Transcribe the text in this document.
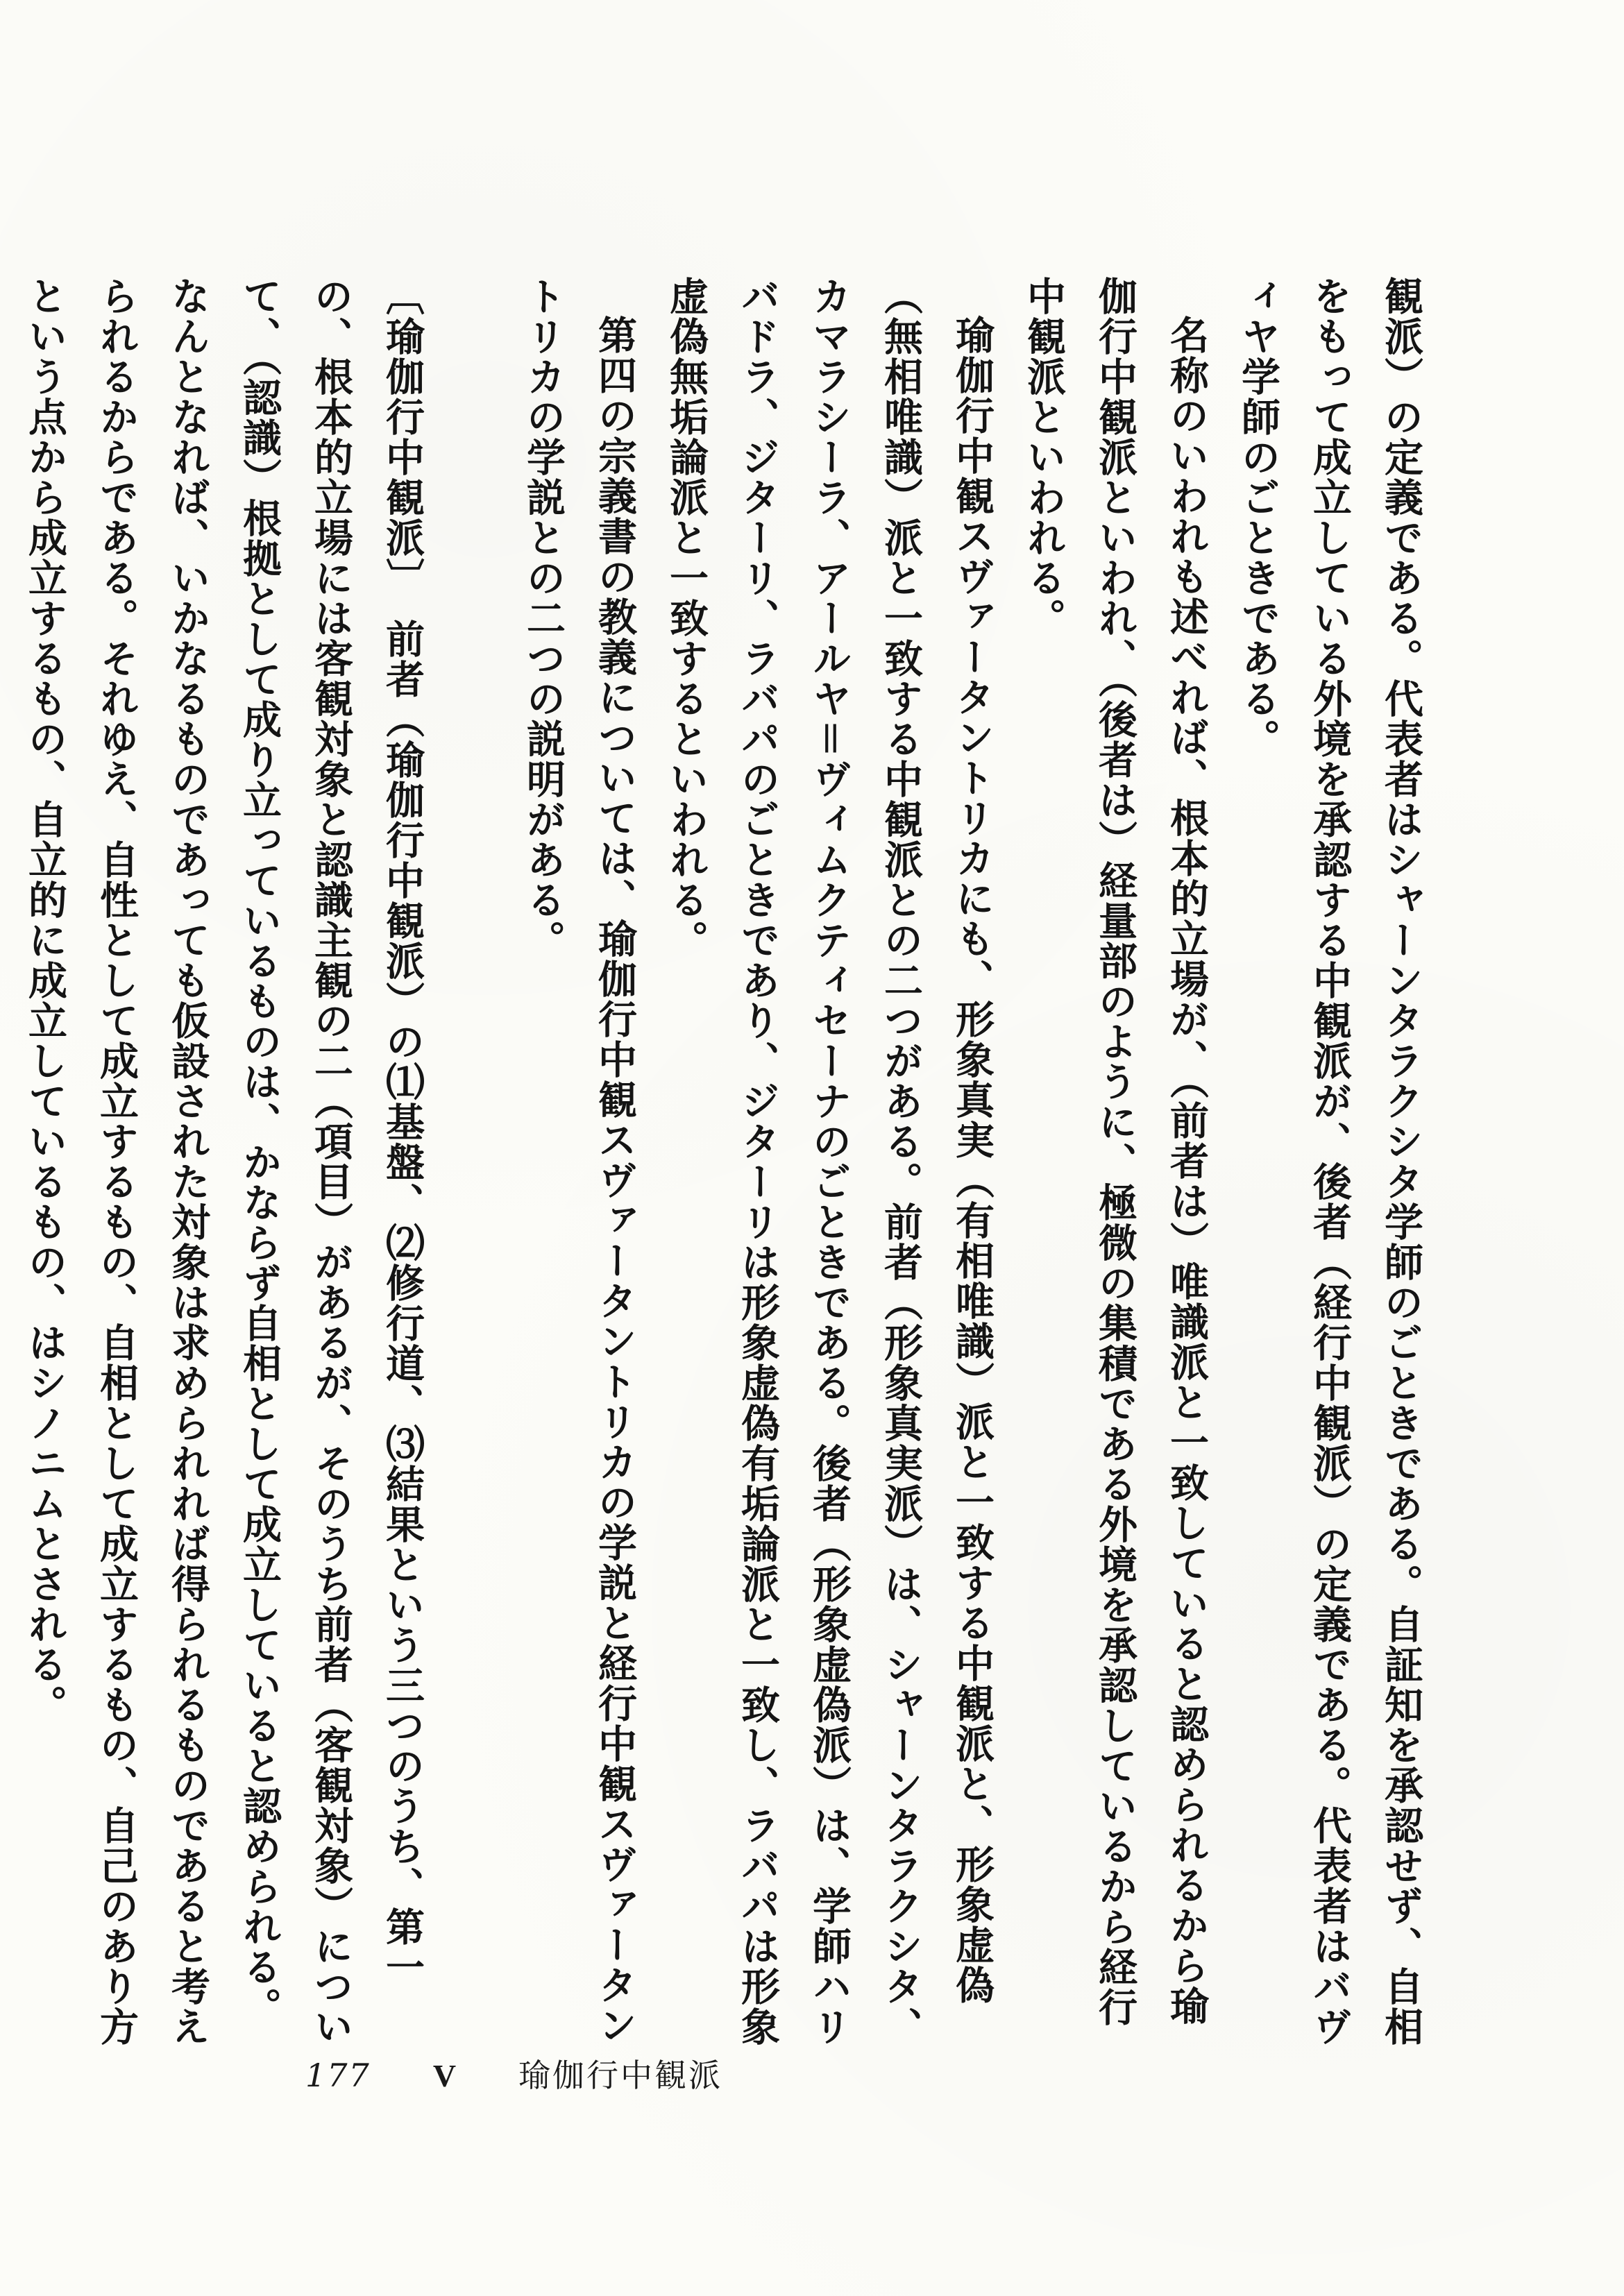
観派）の定義である。代表者はシャーンタラクシタ学師のごときである。自証知を承認せず、自相をもって成立している外境を承認する中観派が、後者（経行中観派）の定義である。代表者はバヴィヤ学師のごときである。

名称のいわれも述べれば、根本的立場が、（前者は）唯識派と一致していると認められるから瑜伽行中観派といわれ、（後者は）経量部のように、極微の集積である外境を承認しているから経行中観派といわれる。

瑜伽行中観スヴァータントリカにも、形象真実（有相唯識）派と一致する中観派と、形象虚偽（無相唯識）派と一致する中観派との二つがある。前者（形象真実派）は、シャーンタラクシタ、カマラシーラ、アールヤ＝ヴィムクティセーナのごときである。後者（形象虚偽派）は、学師ハリバドラ、ジターリ、ラバパのごときであり、ジターリは形象虚偽有垢論派と一致し、ラバパは形象虚偽無垢論派と一致するといわれる。

第四の宗義書の教義については、瑜伽行中観スヴァータントリカの学説と経行中観スヴァータントリカの学説との二つの説明がある。

〔瑜伽行中観派〕　前者（瑜伽行中観派）の⑴基盤、⑵修行道、⑶結果という三つのうち、第一の、根本的立場には客観対象と認識主観の二（項目）があるが、そのうち前者（客観対象）について、（認識）根拠として成り立っているものは、かならず自相として成立していると認められる。なんとなれば、いかなるものであっても仮設された対象は求められれば得られるものであると考えられるからである。それゆえ、自性として成立するもの、自相として成立するもの、自己のあり方という点から成立するもの、自立的に成立しているもの、はシノニムとされる。

177 V 瑜伽行中観派
